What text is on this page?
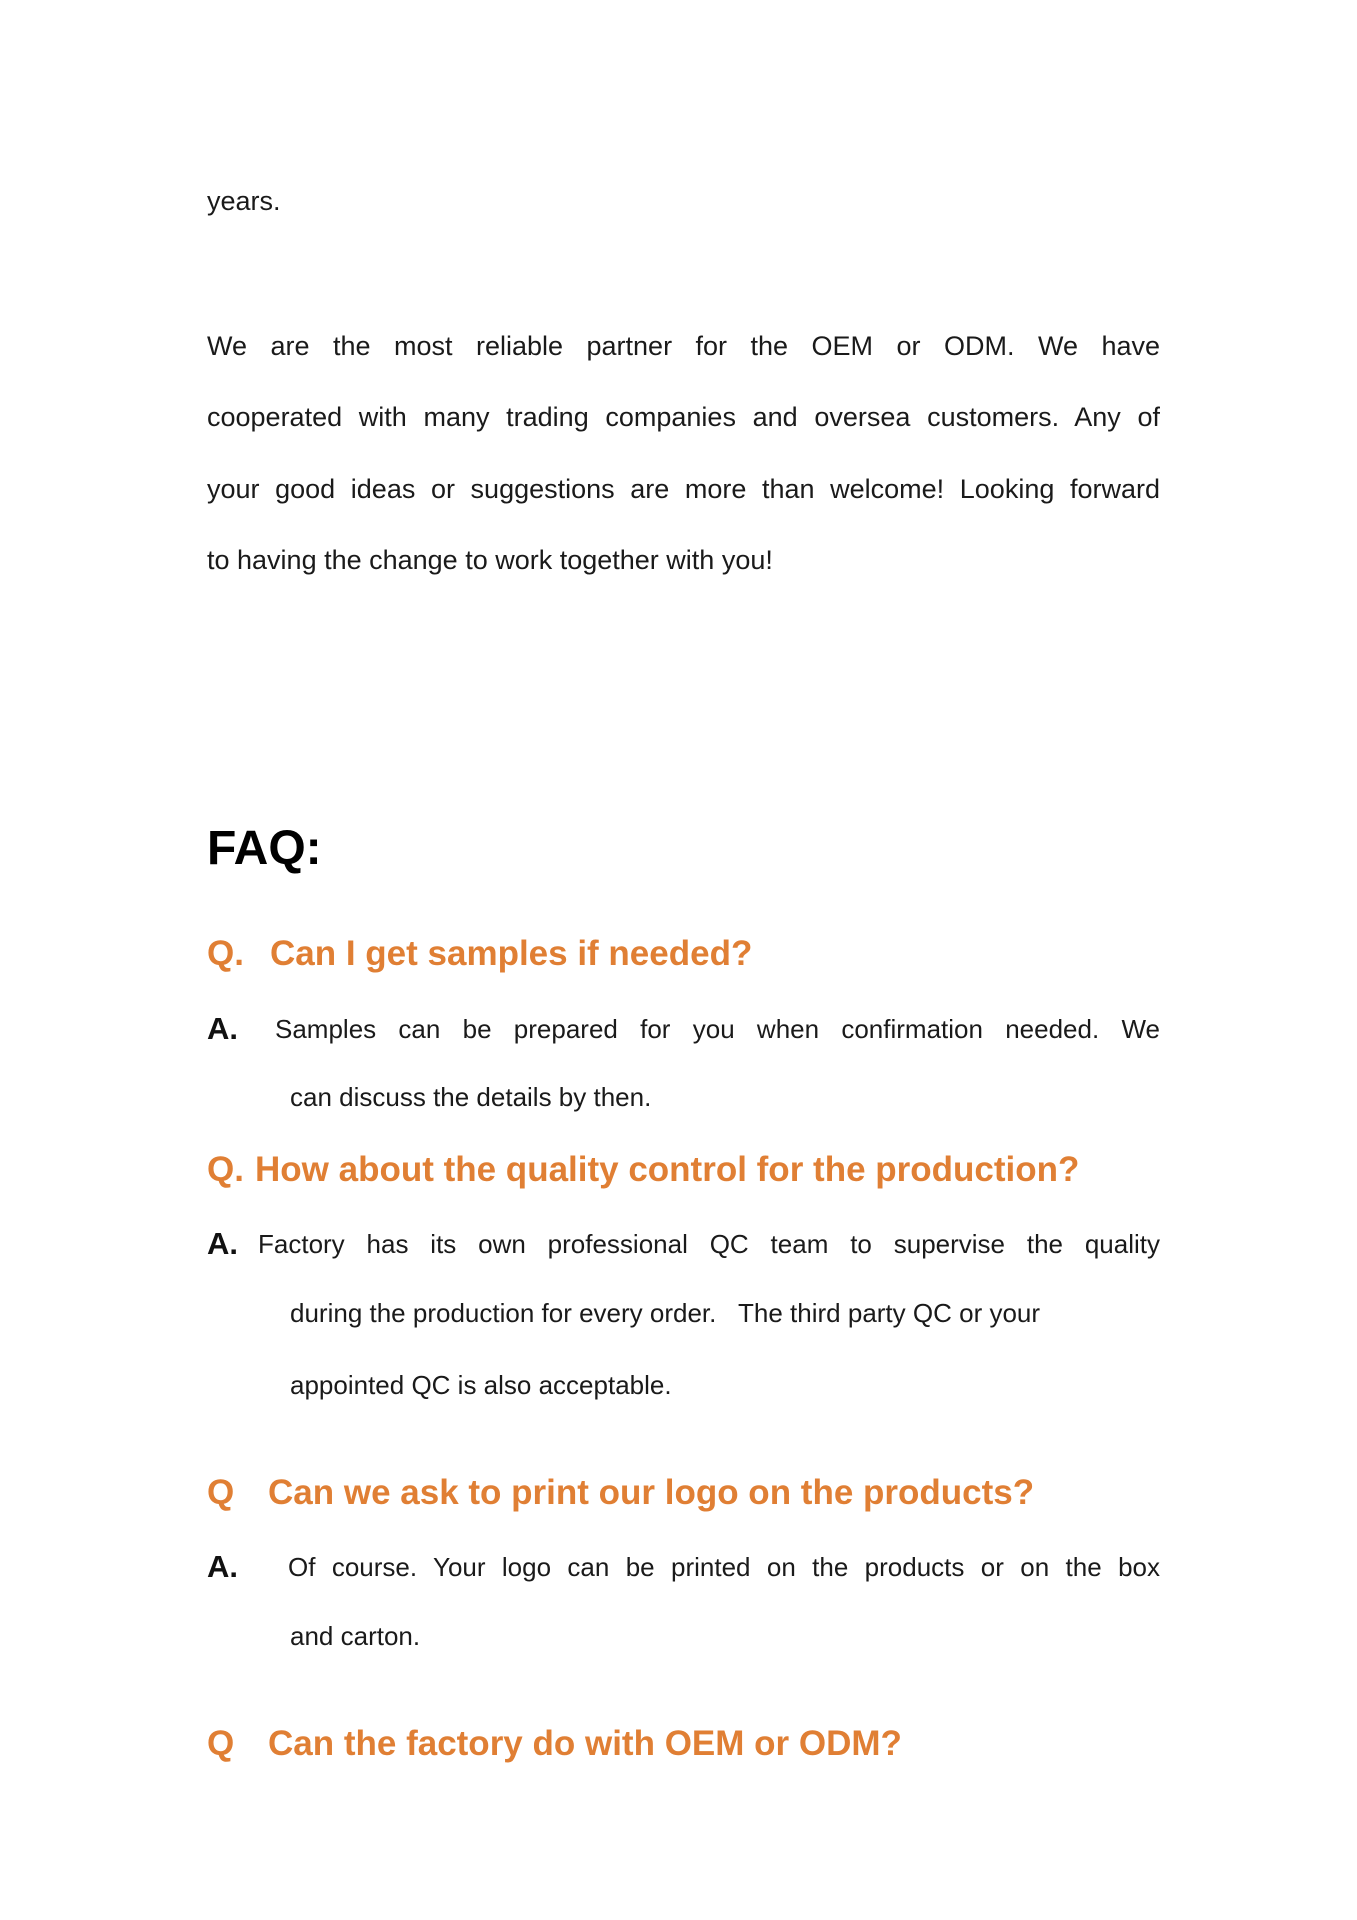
years.
We are the most reliable partner for the OEM or ODM. We have
cooperated with many trading companies and oversea customers. Any of
your good ideas or suggestions are more than welcome! Looking forward
to having the change to work together with you!
FAQ:
Q. Can I get samples if needed?
A. Samples can be prepared for you when confirmation needed. We
can discuss the details by then.
Q. How about the quality control for the production?
A. Factory has its own professional QC team to supervise the quality
during the production for every order.   The third party QC or your
appointed QC is also acceptable.
Q Can we ask to print our logo on the products?
A. Of course. Your logo can be printed on the products or on the box
and carton.
Q Can the factory do with OEM or ODM?
